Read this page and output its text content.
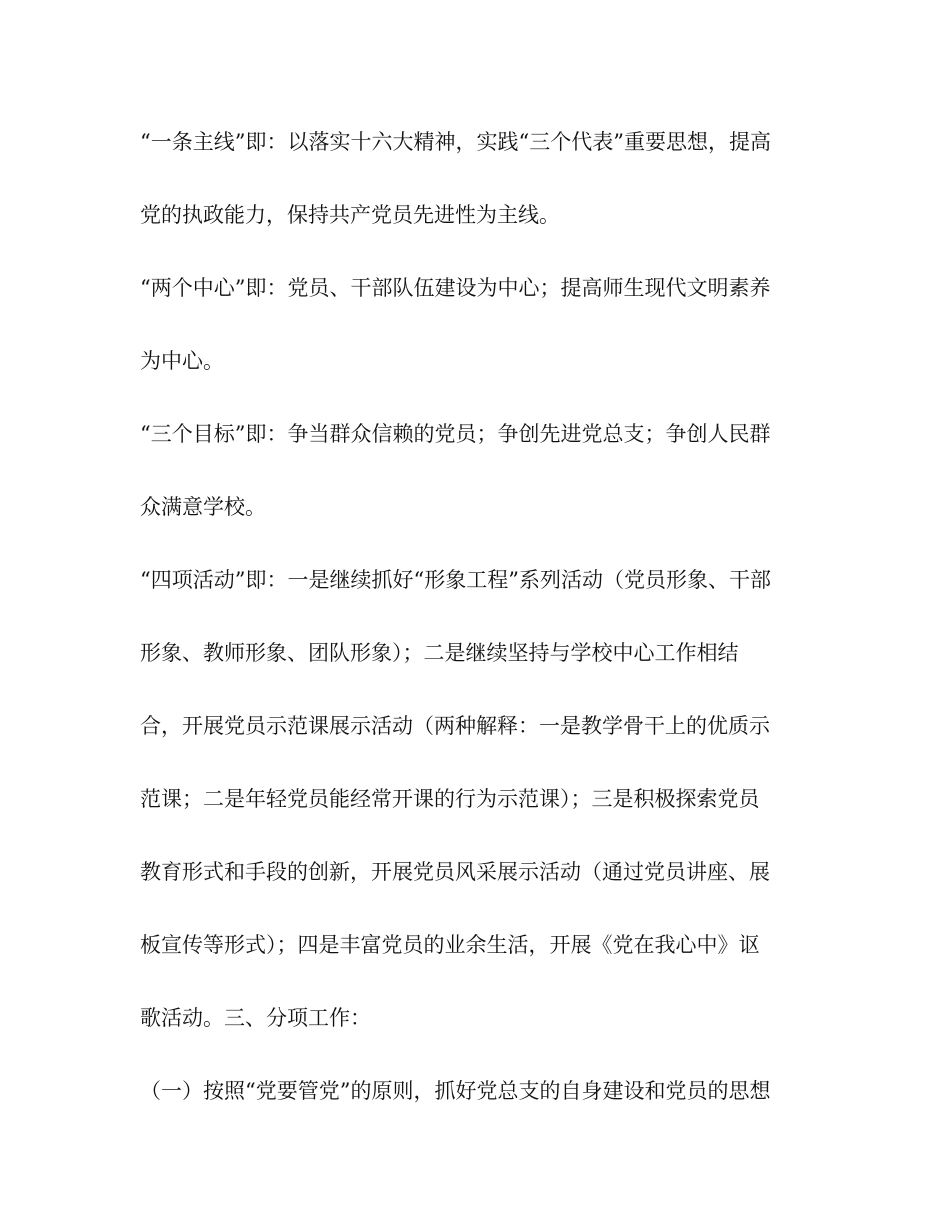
“一条主线”即：以落实十六大精神，实践“三个代表”重要思想，提高
党的执政能力，保持共产党员先进性为主线。
“两个中心”即：党员、干部队伍建设为中心；提高师生现代文明素养
为中心。
“三个目标”即：争当群众信赖的党员；争创先进党总支；争创人民群
众满意学校。
“四项活动”即：一是继续抓好“形象工程”系列活动（党员形象、干部
形象、教师形象、团队形象）；二是继续坚持与学校中心工作相结
合，开展党员示范课展示活动（两种解释：一是教学骨干上的优质示
范课；二是年轻党员能经常开课的行为示范课）；三是积极探索党员
教育形式和手段的创新，开展党员风采展示活动（通过党员讲座、展
板宣传等形式）；四是丰富党员的业余生活，开展《党在我心中》讴
歌活动。三、分项工作：
（一）按照“党要管党”的原则，抓好党总支的自身建设和党员的思想
